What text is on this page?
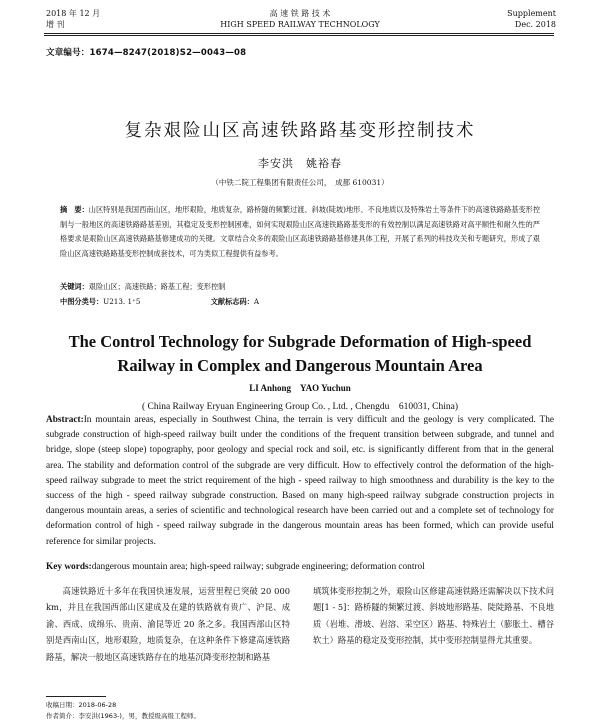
2018 年 12 月
增 刊
高 速 铁 路 技 术
HIGH SPEED RAILWAY TECHNOLOGY
Supplement
Dec. 2018
文章编号：1674—8247(2018)S2—0043—08
复杂艰险山区高速铁路路基变形控制技术
李安洪　姚裕春
（中铁二院工程集团有限责任公司，　成都 610031）
摘　要：山区特别是我国西南山区，地形艰险，地质复杂，路桥隧的频繁过渡、斜坡(陡坡)地形、不良地质以及特殊岩土等条件下的高速铁路路基变形控制与一般地区的高速铁路路基差别，其稳定及变形控制困难，如何实现艰险山区高速铁路路基变形的有效控制以满足高速铁路对高平顺性和耐久性的严格要求是艰险山区高速铁路路基修建成功的关键。文章结合众多的艰险山区高速铁路路基修建具体工程，开展了系列的科技攻关和专题研究，形成了艰险山区高速铁路路基变形控制成套技术，可为类似工程提供有益参考。
关键词：艰险山区；高速铁路；路基工程；变形控制
中图分类号：U213. 1⁺5	文献标志码：A
The Control Technology for Subgrade Deformation of High-speed
Railway in Complex and Dangerous Mountain Area
LI Anhong　YAO Yuchun
( China Railway Eryuan Engineering Group Co. , Ltd. , Chengdu　610031, China)
Abstract:In mountain areas, especially in Southwest China, the terrain is very difficult and the geology is very complicated. The subgrade construction of high-speed railway built under the conditions of the frequent transition between subgrade, and tunnel and bridge, slope (steep slope) topography, poor geology and special rock and soil, etc. is significantly different from that in the general area. The stability and deformation control of the subgrade are very difficult. How to effectively control the deformation of the high-speed railway subgrade to meet the strict requirement of the high - speed railway to high smoothness and durability is the key to the success of the high - speed railway subgrade construction. Based on many high-speed railway subgrade construction projects in dangerous mountain areas, a series of scientific and technological research have been carried out and a complete set of technology for deformation control of high - speed railway subgrade in the dangerous mountain areas has been formed, which can provide useful reference for similar projects.
Key words:dangerous mountain area; high-speed railway; subgrade engineering; deformation control
高速铁路近十多年在我国快速发展，运营里程已突破 20 000 km，并且在我国西部山区建成及在建的铁路就有贵广、沪昆、成渝、西成、成绵乐、贵南、渝昆等近 20 条之多。我国西部山区特别是西南山区，地形艰险，地质复杂，在这种条件下修建高速铁路路基，解决一般地区高速铁路存在的地基沉降变形控制和路基
填筑体变形控制之外，艰险山区修建高速铁路还需解决以下技术问题[1 - 5]：路桥隧的频繁过渡、斜坡地形路基、陡陡路基、不良地质（岩堆、滑坡、岩溶、采空区）路基、特殊岩土（膨胀土、槽谷软土）路基的稳定及变形控制，其中变形控制显得尤其重要。
收稿日期：2018-06-28
作者简介：李安洪(1963-)，男，教授级高级工程师。
